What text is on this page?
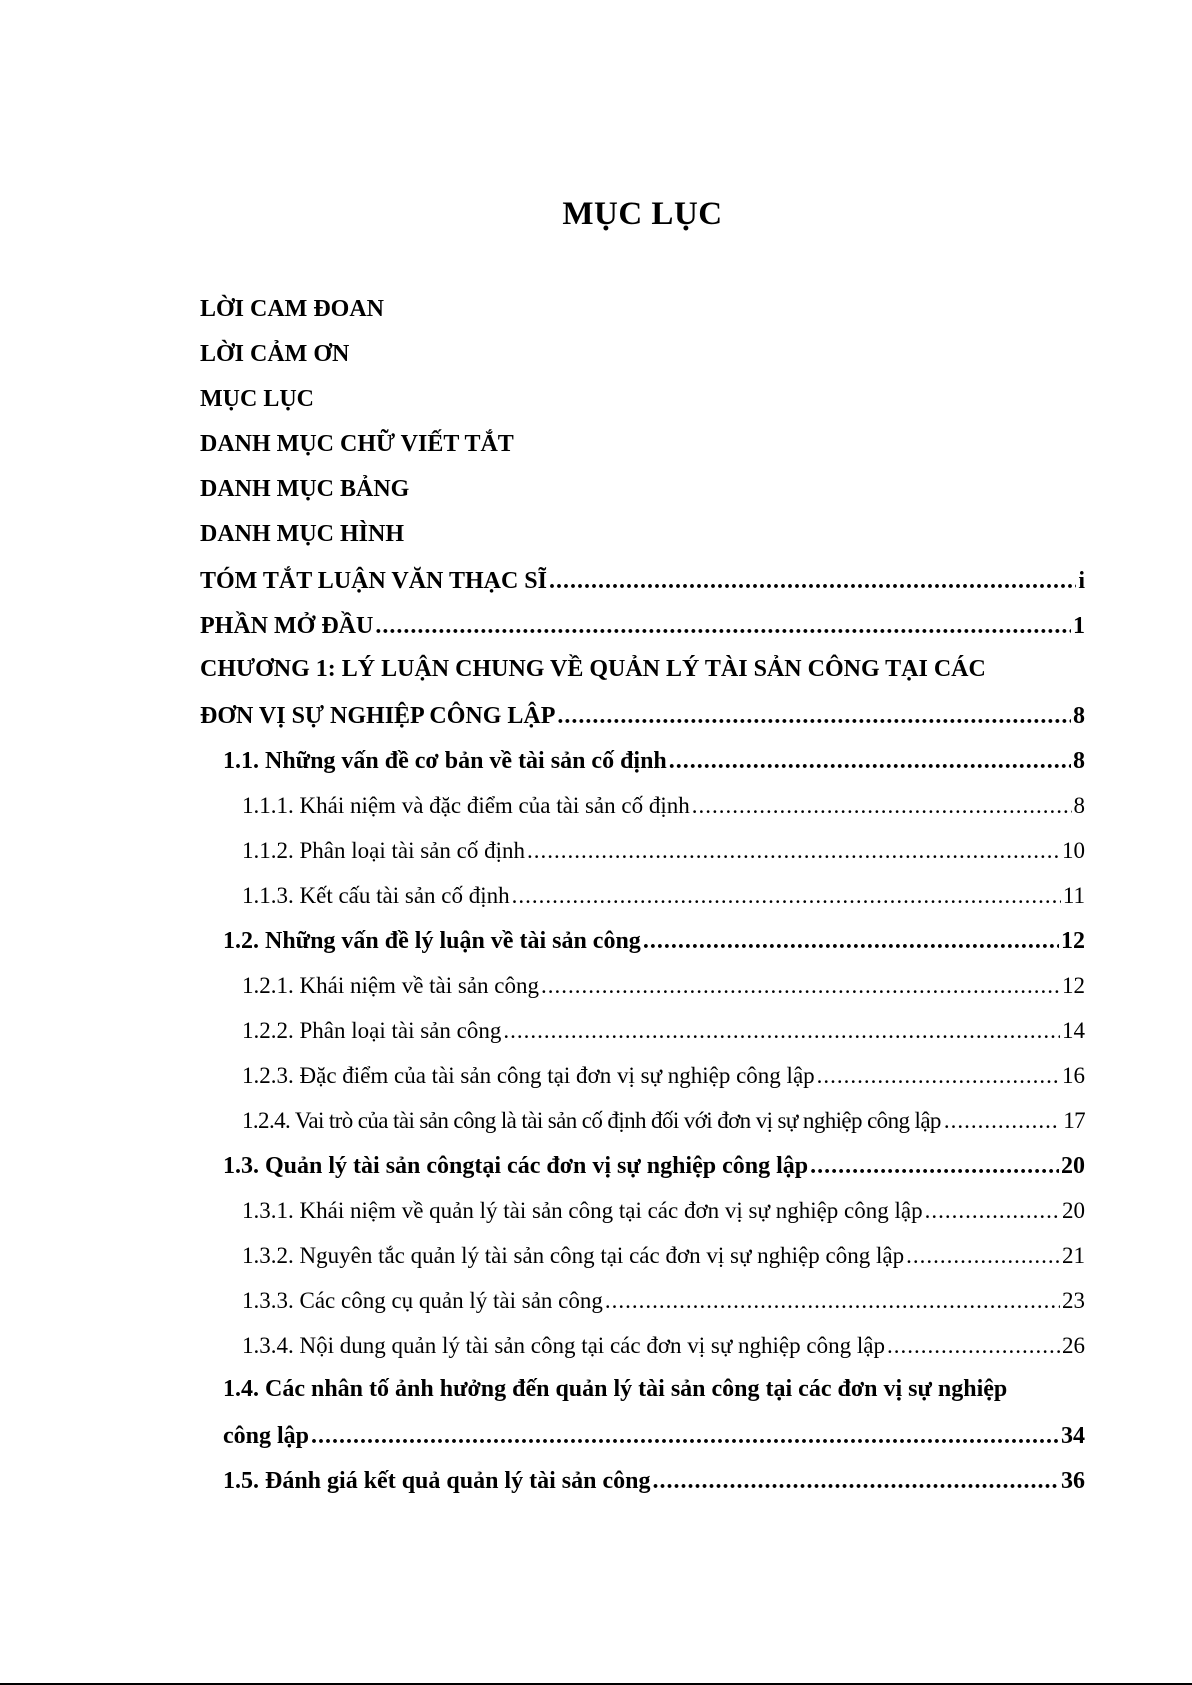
MỤC LỤC
LỜI CAM ĐOAN
LỜI CẢM ƠN
MỤC LỤC
DANH MỤC CHỮ VIẾT TẮT
DANH MỤC BẢNG
DANH MỤC HÌNH
TÓM TẮT LUẬN VĂN THẠC SĨ .....	i
PHẦN MỞ ĐẦU .....	1
CHƯƠNG 1: LÝ LUẬN CHUNG VỀ QUẢN LÝ TÀI SẢN CÔNG TẠI CÁC
ĐƠN VỊ SỰ NGHIỆP CÔNG LẬP .....	8
1.1. Những vấn đề cơ bản về tài sản cố định .....	8
1.1.1. Khái niệm và đặc điểm của tài sản cố định .....	8
1.1.2. Phân loại tài sản cố định .....	10
1.1.3. Kết cấu tài sản cố định .....	11
1.2. Những vấn đề lý luận về tài sản công .....	12
1.2.1. Khái niệm về tài sản công .....	12
1.2.2. Phân loại tài sản công .....	14
1.2.3. Đặc điểm của tài sản công tại đơn vị sự nghiệp công lập .....	16
1.2.4. Vai trò của tài sản công là tài sản cố định đối với đơn vị sự nghiệp công lập .....	17
1.3. Quản lý tài sản côngtại các đơn vị sự nghiệp công lập .....	20
1.3.1. Khái niệm về quản lý tài sản công tại các đơn vị sự nghiệp công lập .....	20
1.3.2. Nguyên tắc quản lý tài sản công tại các đơn vị sự nghiệp công lập .....	21
1.3.3. Các công cụ quản lý tài sản công .....	23
1.3.4. Nội dung quản lý tài sản công tại các đơn vị sự nghiệp công lập .....	26
1.4. Các nhân tố ảnh hưởng đến quản lý tài sản công tại các đơn vị sự nghiệp
công lập .....	34
1.5. Đánh giá kết quả quản lý tài sản công .....	36
